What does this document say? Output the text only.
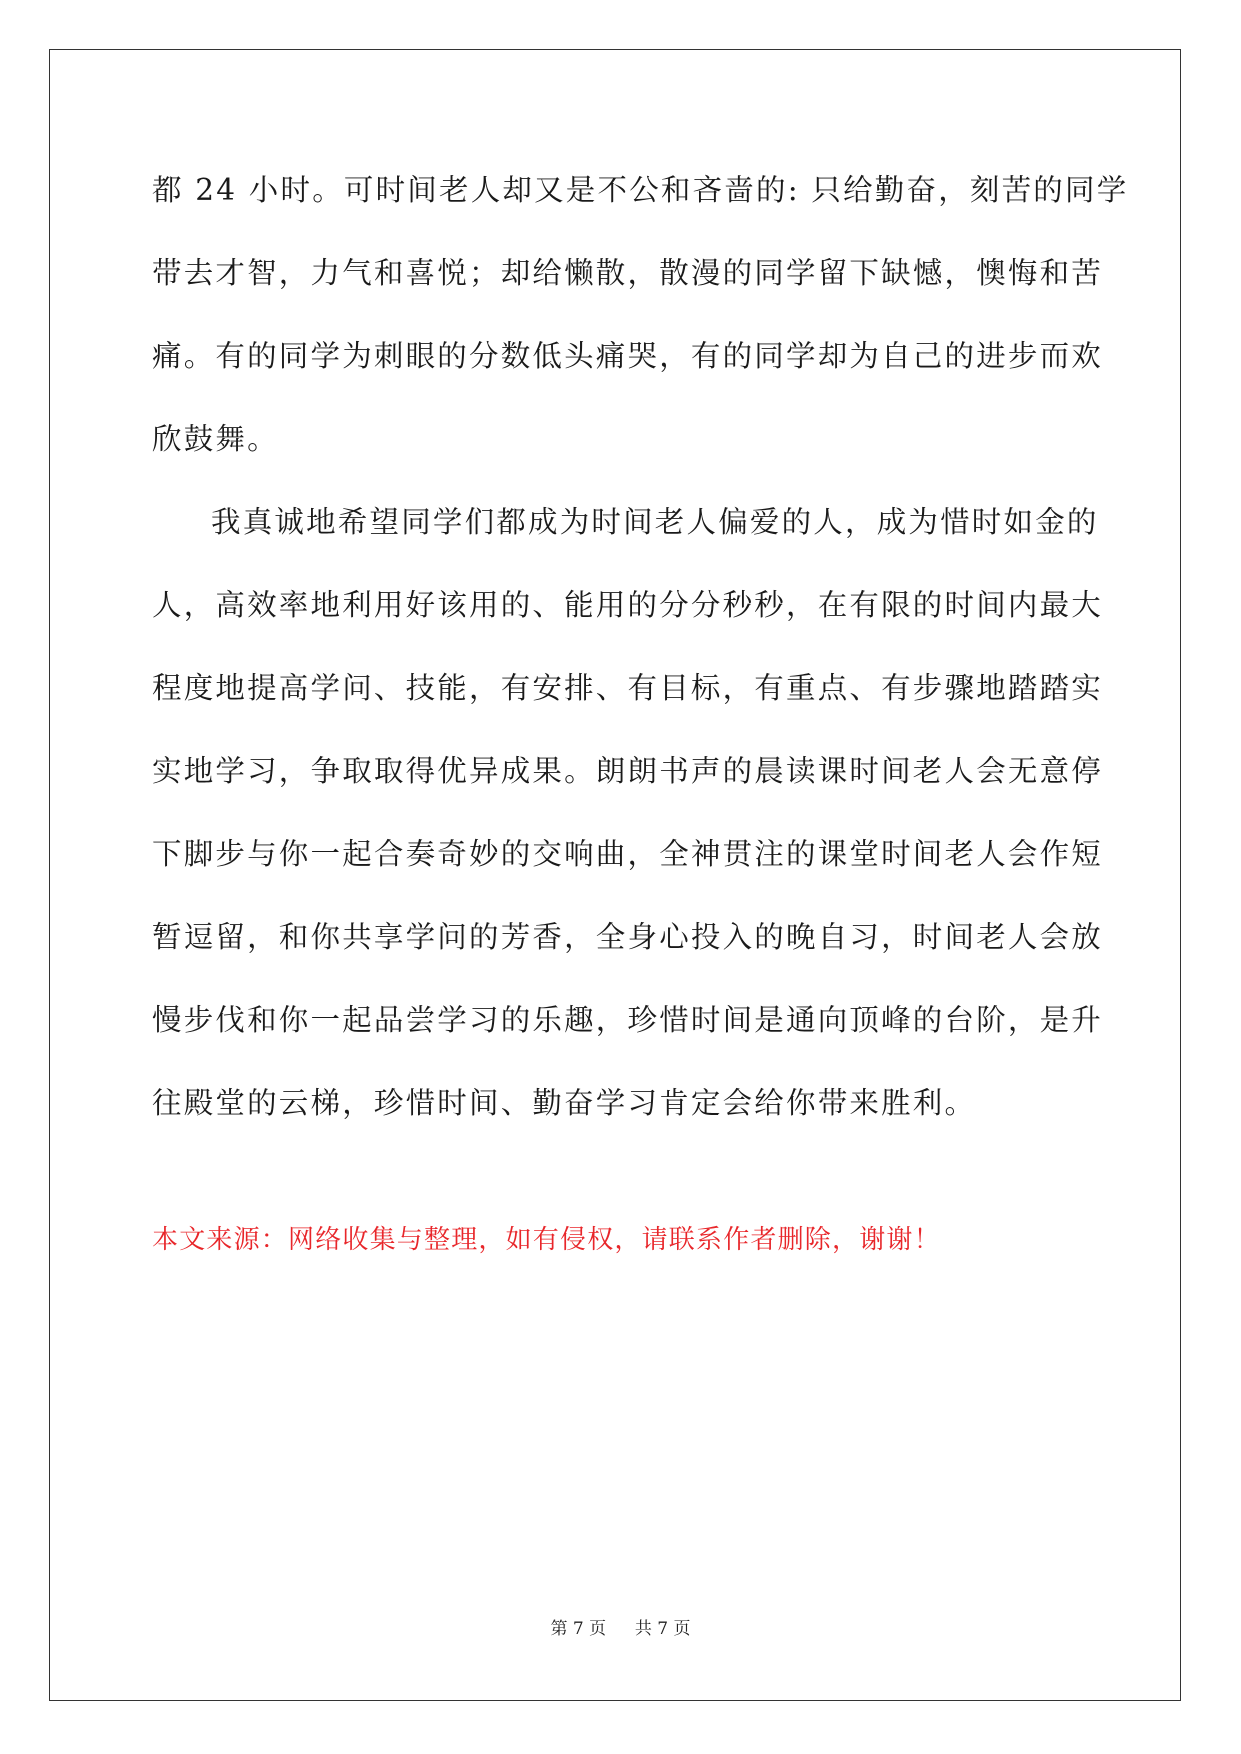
都 24 小时。可时间老人却又是不公和吝啬的: 只给勤奋，刻苦的同学
带去才智，力气和喜悦；却给懒散，散漫的同学留下缺憾，懊悔和苦
痛。有的同学为刺眼的分数低头痛哭，有的同学却为自己的进步而欢
欣鼓舞。
我真诚地希望同学们都成为时间老人偏爱的人，成为惜时如金的
人，高效率地利用好该用的、能用的分分秒秒，在有限的时间内最大
程度地提高学问、技能，有安排、有目标，有重点、有步骤地踏踏实
实地学习，争取取得优异成果。朗朗书声的晨读课时间老人会无意停
下脚步与你一起合奏奇妙的交响曲，全神贯注的课堂时间老人会作短
暂逗留，和你共享学问的芳香，全身心投入的晚自习，时间老人会放
慢步伐和你一起品尝学习的乐趣，珍惜时间是通向顶峰的台阶，是升
往殿堂的云梯，珍惜时间、勤奋学习肯定会给你带来胜利。
本文来源：网络收集与整理，如有侵权，请联系作者删除，谢谢！
第 7 页 共 7 页
